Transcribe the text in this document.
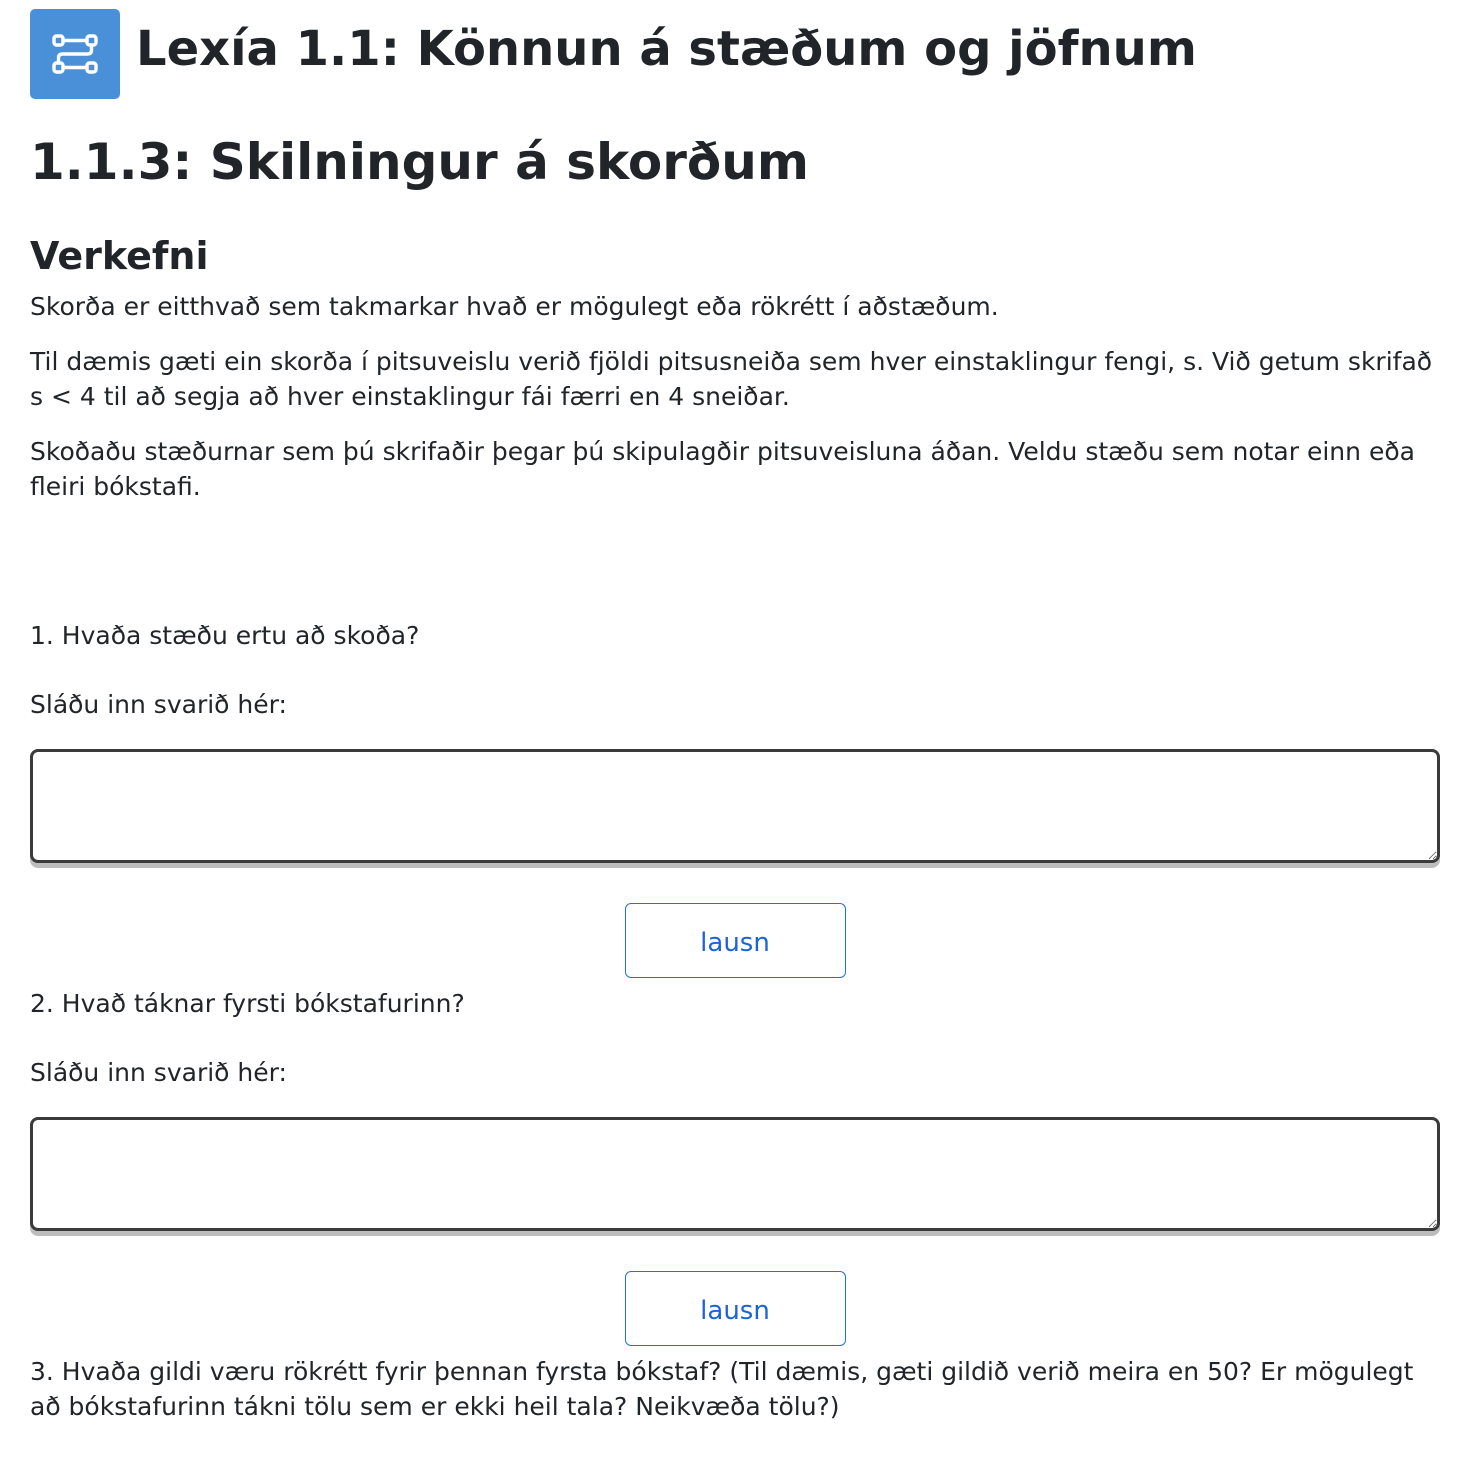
Lexía 1.1: Könnun á stæðum og jöfnum
1.1.3: Skilningur á skorðum
Verkefni

Skorða er eitthvað sem takmarkar hvað er mögulegt eða rökrétt í aðstæðum.

Til dæmis gæti ein skorða í pitsuveislu verið fjöldi pitsusneiða sem hver einstaklingur fengi, s. Við getum skrifað s < 4 til að segja að hver einstaklingur fái færri en 4 sneiðar.

Skoðaðu stæðurnar sem þú skrifaðir þegar þú skipulagðir pitsuveisluna áðan. Veldu stæðu sem notar einn eða fleiri bókstafi.

1. Hvaða stæðu ertu að skoða?

Sláðu inn svarið hér:

lausn

2. Hvað táknar fyrsti bókstafurinn?

Sláðu inn svarið hér:

lausn

3. Hvaða gildi væru rökrétt fyrir þennan fyrsta bókstaf? (Til dæmis, gæti gildið verið meira en 50? Er mögulegt að bókstafurinn tákni tölu sem er ekki heil tala? Neikvæða tölu?)
